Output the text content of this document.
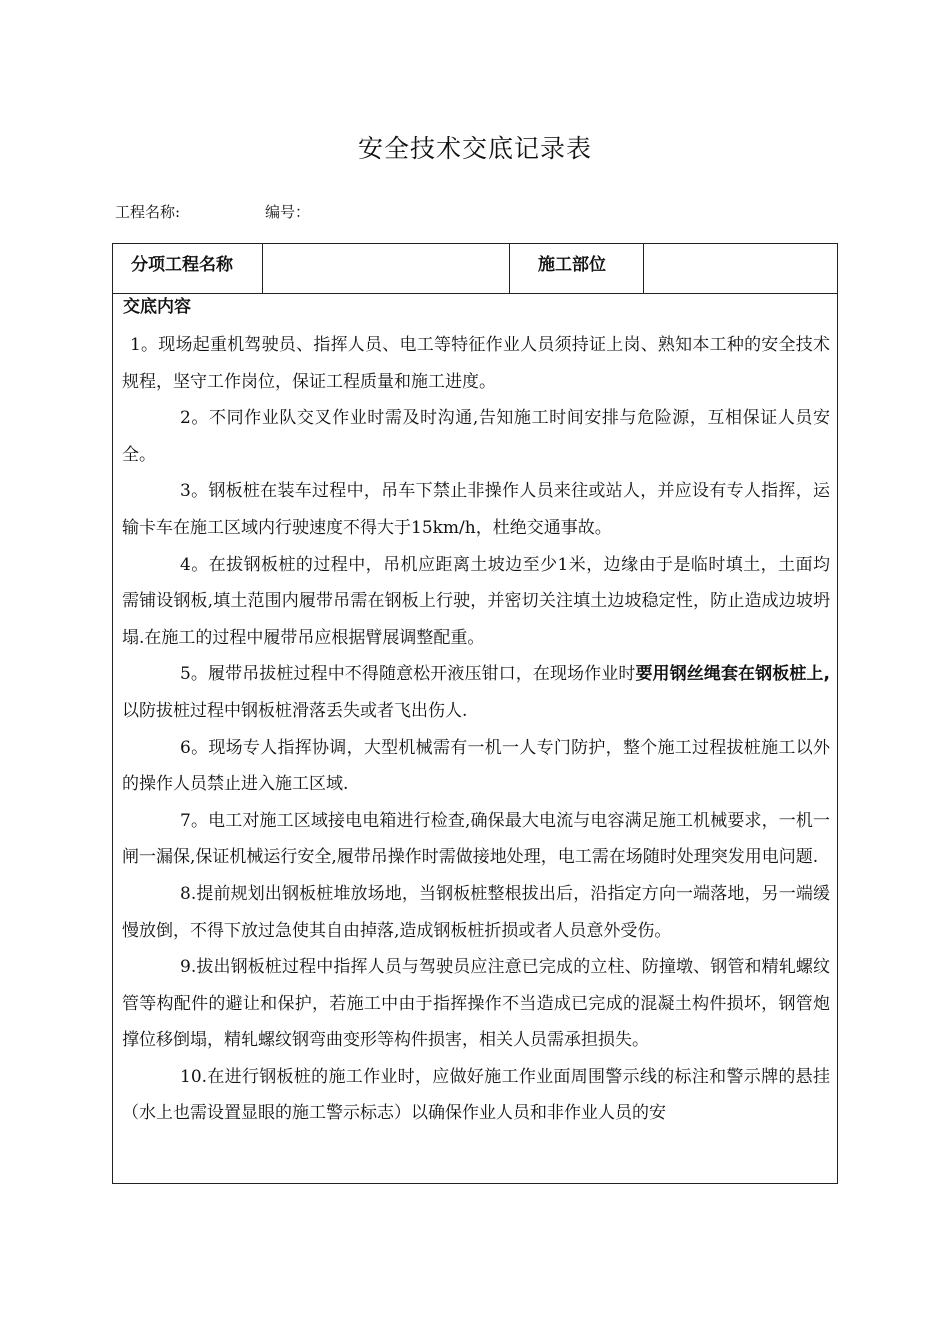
安全技术交底记录表
工程名称:	编号：
分项工程名称	施工部位
交底内容

1。现场起重机驾驶员、指挥人员、电工等特征作业人员须持证上岗、熟知本工种的安全技术规程，坚守工作岗位，保证工程质量和施工进度。

2。不同作业队交叉作业时需及时沟通,告知施工时间安排与危险源，互相保证人员安全。

3。钢板桩在装车过程中，吊车下禁止非操作人员来往或站人，并应设有专人指挥，运输卡车在施工区域内行驶速度不得大于15km/h，杜绝交通事故。

4。在拔钢板桩的过程中，吊机应距离土坡边至少1米，边缘由于是临时填土，土面均需铺设钢板,填土范围内履带吊需在钢板上行驶，并密切关注填土边坡稳定性，防止造成边坡坍塌.在施工的过程中履带吊应根据臂展调整配重。

5。履带吊拔桩过程中不得随意松开液压钳口，在现场作业时要用钢丝绳套在钢板桩上,以防拔桩过程中钢板桩滑落丢失或者飞出伤人.

6。现场专人指挥协调，大型机械需有一机一人专门防护，整个施工过程拔桩施工以外的操作人员禁止进入施工区域.

7。电工对施工区域接电电箱进行检查,确保最大电流与电容满足施工机械要求，一机一闸一漏保,保证机械运行安全,履带吊操作时需做接地处理，电工需在场随时处理突发用电问题.

8.提前规划出钢板桩堆放场地，当钢板桩整根拔出后，沿指定方向一端落地，另一端缓慢放倒，不得下放过急使其自由掉落,造成钢板桩折损或者人员意外受伤。

9.拔出钢板桩过程中指挥人员与驾驶员应注意已完成的立柱、防撞墩、钢管和精轧螺纹管等构配件的避让和保护，若施工中由于指挥操作不当造成已完成的混凝土构件损坏，钢管炮撑位移倒塌，精轧螺纹钢弯曲变形等构件损害，相关人员需承担损失。

10.在进行钢板桩的施工作业时，应做好施工作业面周围警示线的标注和警示牌的悬挂（水上也需设置显眼的施工警示标志）以确保作业人员和非作业人员的安
